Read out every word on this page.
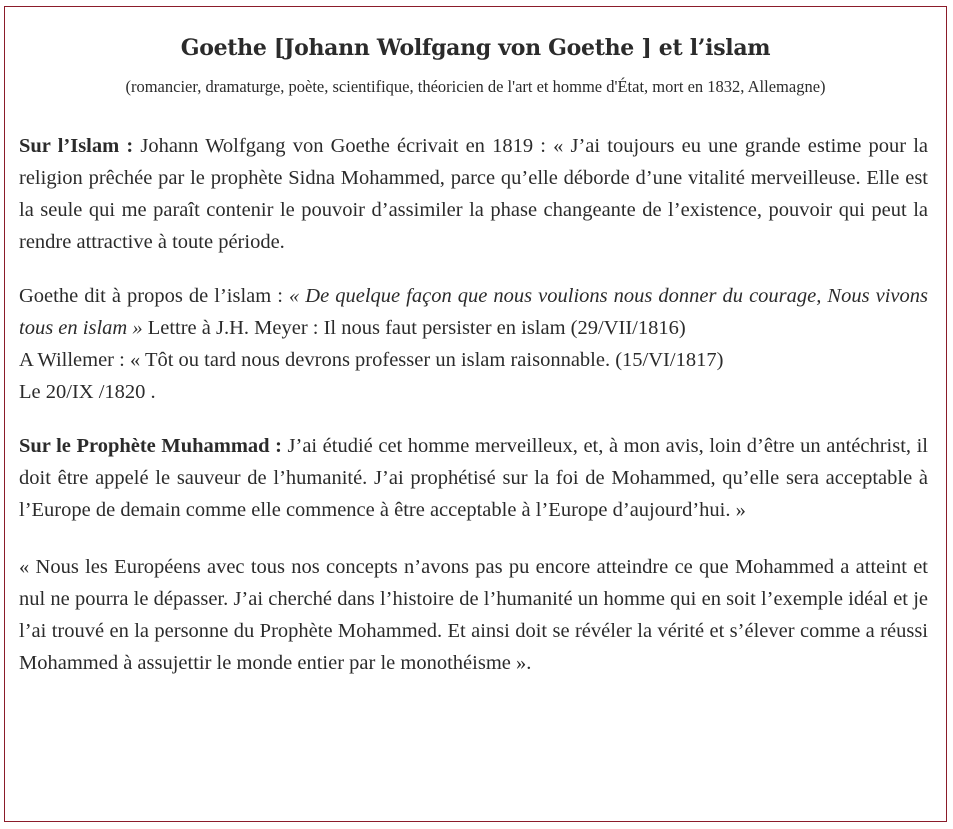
Goethe [Johann Wolfgang von Goethe ] et l’islam
(romancier, dramaturge, poète, scientifique, théoricien de l'art et homme d'État, mort en 1832, Allemagne)

Sur l’Islam : Johann Wolfgang von Goethe écrivait en 1819 : « J’ai toujours eu une grande estime pour la religion prêchée par le prophète Sidna Mohammed, parce qu’elle déborde d’une vitalité merveilleuse. Elle est la seule qui me paraît contenir le pouvoir d’assimiler la phase changeante de l’existence, pouvoir qui peut la rendre attractive à toute période.

Goethe dit à propos de l’islam : « De quelque façon que nous voulions nous donner du courage, Nous vivons tous en islam » Lettre à J.H. Meyer : Il nous faut persister en islam (29/VII/1816)

A Willemer : « Tôt ou tard nous devrons professer un islam raisonnable. (15/VI/1817)

Le 20/IX /1820 .

Sur le Prophète Muhammad : J’ai étudié cet homme merveilleux, et, à mon avis, loin d’être un antéchrist, il doit être appelé le sauveur de l’humanité. J’ai prophétisé sur la foi de Mohammed, qu’elle sera acceptable à l’Europe de demain comme elle commence à être acceptable à l’Europe d’aujourd’hui. »

« Nous les Européens avec tous nos concepts n’avons pas pu encore atteindre ce que Mohammed a atteint et nul ne pourra le dépasser. J’ai cherché dans l’histoire de l’humanité un homme qui en soit l’exemple idéal et je l’ai trouvé en la personne du Prophète Mohammed. Et ainsi doit se révéler la vérité et s’élever comme a réussi Mohammed à assujettir le monde entier par le monothéisme ».
